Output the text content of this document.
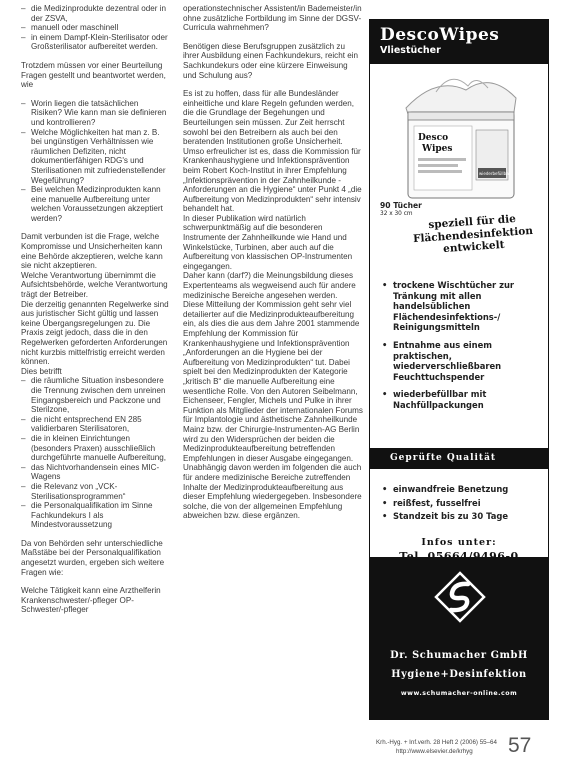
– die Medizinprodukte dezentral oder in der ZSVA,
– manuell oder maschinell
– in einem Dampf-Klein-Sterilisator oder Großsterilisator aufbereitet werden.

Trotzdem müssen vor einer Beurteilung Fragen gestellt und beantwortet werden, wie

– Worin liegen die tatsächlichen Risiken? Wie kann man sie definieren und kontrollieren?
– Welche Möglichkeiten hat man z. B. bei ungünstigen Verhältnissen wie räumlichen Defiziten, nicht dokumentierfähigen RDG's und Sterilisationen mit zufriedenstellender Wegeführung?
– Bei welchen Medizinprodukten kann eine manuelle Aufbereitung unter welchen Voraussetzungen akzeptiert werden?
Damit verbunden ist die Frage, welche Kompromisse und Unsicherheiten kann eine Behörde akzeptieren, welche kann sie nicht akzeptieren.
Welche Verantwortung übernimmt die Aufsichtsbehörde, welche Verantwortung trägt der Betreiber.
Die derzeitig genannten Regelwerke sind aus juristischer Sicht gültig und lassen keine Übergangsregelungen zu. Die Praxis zeigt jedoch, dass die in den Regelwerken geforderten Anforderungen nicht kurzbis mittelfristig erreicht werden können.
Dies betrifft
– die räumliche Situation insbesondere die Trennung zwischen dem unreinen Eingangsbereich und Packzone und Sterilzone,
– die nicht entsprechend EN 285 validierbaren Sterilisatoren,
– die in kleinen Einrichtungen (besonders Praxen) ausschließlich durchgeführte manuelle Aufbereitung,
– das Nichtvorhandensein eines MIC-Wagens
– die Relevanz von „VCK-Sterilisationsprogrammen“
– die Personalqualifikation im Sinne Fachkundekurs I als Mindestvoraussetzung

Da von Behörden sehr unterschiedliche Maßstäbe bei der Personalqualifikation angesetzt wurden, ergeben sich weitere Fragen wie:

Welche Tätigkeit kann eine Arzthelferin Krankenschwester/-pfleger OP-Schwester/-pfleger

operationstechnischer Assistent/in Bademeister/in ohne zusätzliche Fortbildung im Sinne der DGSV-Curricula wahrnehmen?

Benötigen diese Berufsgruppen zusätzlich zu ihrer Ausbildung einen Fachkundekurs, reicht ein Sachkundekurs oder eine kürzere Einweisung und Schulung aus?

Es ist zu hoffen, dass für alle Bundesländer einheitliche und klare Regeln gefunden werden, die die Grundlage der Begehungen und Beurteilungen sein müssen. Zur Zeit herrscht sowohl bei den Betreibern als auch bei den beratenden Institutionen große Unsicherheit.
Umso erfreulicher ist es, dass die Kommission für Krankenhaushygiene und Infektionsprävention beim Robert Koch-Institut in ihrer Empfehlung „Infektionsprävention in der Zahnheilkunde -Anforderungen an die Hygiene“ unter Punkt 4 „die Aufbereitung von Medizinprodukten“ sehr intensiv behandelt hat.
In dieser Publikation wird natürlich schwerpunktmäßig auf die besonderen Instrumente der Zahnheilkunde wie Hand und Winkelstücke, Turbinen, aber auch auf die Aufbereitung von klassischen OP-Instrumenten eingegangen.
Daher kann (darf?) die Meinungsbildung dieses Expertenteams als wegweisend auch für andere medizinische Bereiche angesehen werden.
Diese Mitteilung der Kommission geht sehr viel detailierter auf die Medizinprodukteaufbereitung ein, als dies die aus dem Jahre 2001 stammende Empfehlung der Kommission für Krankenhaushygiene und Infektionsprävention „Anforderungen an die Hygiene bei der Aufbereitung von Medizinprodukten“ tut. Dabei spielt bei den Medizinprodukten der Kategorie „kritisch B“ die manuelle Aufbereitung eine wesentliche Rolle. Von den Autoren Seibelmann, Eichenseer, Fengler, Michels und Pulke in ihrer Funktion als Mitglieder der internationalen Forums für Implantologie und ästhetische Zahnheilkunde Mainz bzw. der Chirurgie-Instrumenten-AG Berlin wird zu den Widersprüchen der beiden die Medizinprodukteaufbereitung betreffenden Empfehlungen in dieser Ausgabe eingegangen. Unabhängig davon werden im folgenden die auch für andere medizinische Bereiche zutreffenden Inhalte der Medizinprodukteaufbereitung aus dieser Empfehlung wiedergegeben. Insbesondere solche, die von der allgemeinen Empfehlung abweichen bzw. diese ergänzen.
DescoWipes
Vliestücher
Desco
Wipes
wiederbefüllbar
90 Tücher
32 x 30 cm	speziell für die Flächendesinfektion entwickelt
• trockene Wischtücher zur Tränkung mit allen handelsüblichen Flächendesinfektions-/ Reinigungsmitteln
• Entnahme aus einem praktischen, wiederverschließbaren Feuchttuchspender
• wiederbefüllbar mit Nachfüllpackungen
Geprüfte Qualität
• einwandfreie Benetzung
• reißfest, fusselfrei
• Standzeit bis zu 30 Tage
Infos unter:
Dr. Schumacher GmbH
Hygiene+Desinfektion
www.schumacher-online.com
Krh.-Hyg. + Inf.verh. 28 Heft 2 (2006) 55–64
http://www.elsevier.de/krhyg 57
